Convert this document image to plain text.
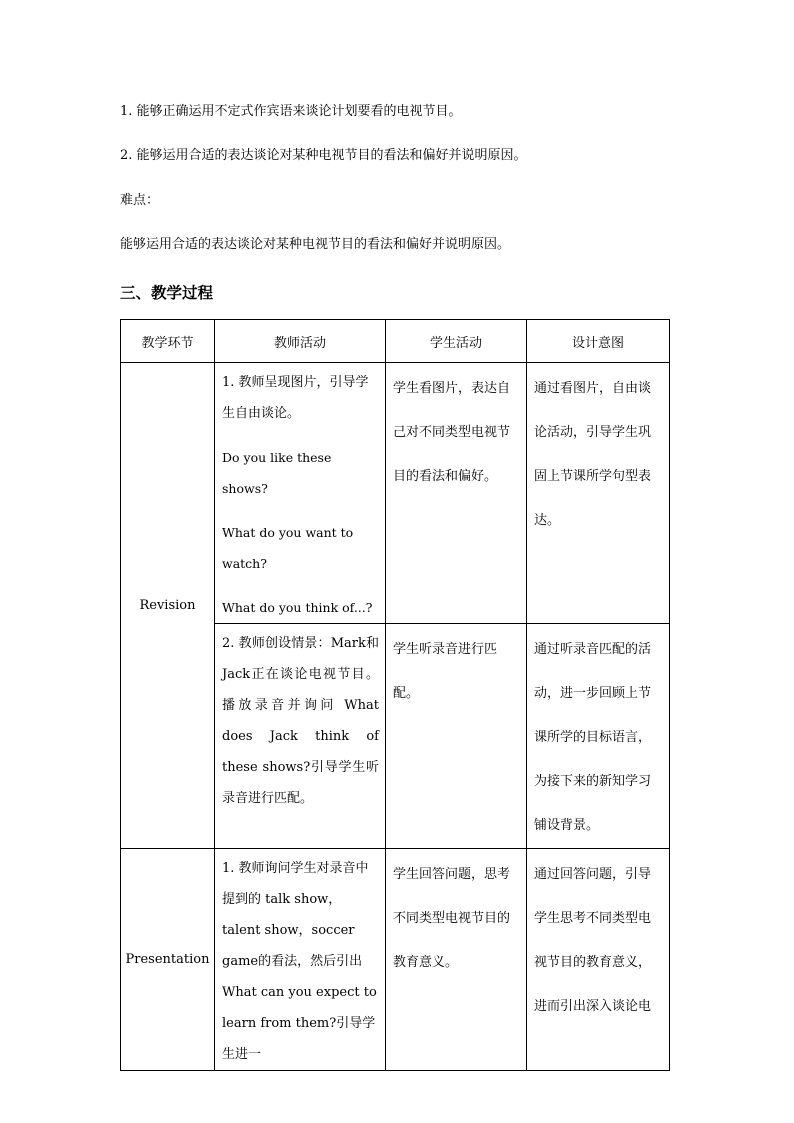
1. 能够正确运用不定式作宾语来谈论计划要看的电视节目。
2. 能够运用合适的表达谈论对某种电视节目的看法和偏好并说明原因。
难点：
能够运用合适的表达谈论对某种电视节目的看法和偏好并说明原因。
三、教学过程
教学环节	教师活动	学生活动	设计意图
Revision	1. 教师呈现图片，引导学生自由谈论。

Do you like these shows?

What do you want to watch?

What do you think of...?	学生看图片，表达自己对不同类型电视节目的看法和偏好。	通过看图片，自由谈论活动，引导学生巩固上节课所学句型表达。

	2. 教师创设情景：Mark和Jack正在谈论电视节目。播放录音并询问 What does Jack think of these shows?引导学生听录音进行匹配。	学生听录音进行匹配。	通过听录音匹配的活动，进一步回顾上节课所学的目标语言，为接下来的新知学习铺设背景。

Presentation	1. 教师询问学生对录音中提到的 talk show，talent show，soccer game的看法，然后引出 What can you expect to learn from them?引导学生进一	学生回答问题，思考不同类型电视节目的教育意义。	通过回答问题，引导学生思考不同类型电视节目的教育意义，进而引出深入谈论电
